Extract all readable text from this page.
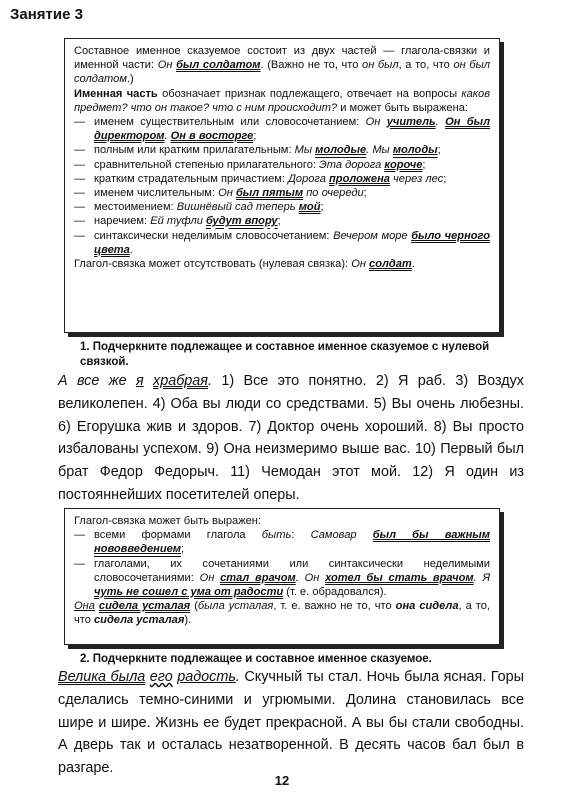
Занятие 3

Составное именное сказуемое состоит из двух частей — глагола-связки и именной части: Он был солдатом. (Важно не то, что он был, а то, что он был солдатом.)

Именная часть обозначает признак подлежащего, отвечает на вопросы каков предмет? что он такое? что с ним происходит? и может быть выражена:

— именем существительным или словосочетанием: Он учитель. Он был директором. Он в восторге;
— полным или кратким прилагательным: Мы молодые. Мы молоды;
— сравнительной степенью прилагательного: Эта дорога короче;
— кратким страдательным причастием: Дорога проложена через лес;
— именем числительным: Он был пятым по очереди;
— местоимением: Вишнёвый сад теперь мой;
— наречием: Ей туфли будут впору;
— синтаксически неделимым словосочетанием: Вечером море было черного цвета.

Глагол-связка может отсутствовать (нулевая связка): Он солдат.

1. Подчеркните подлежащее и составное именное сказуемое с нулевой связкой.

А все же я храбрая. 1) Все это понятно. 2) Я раб. 3) Воздух великолепен. 4) Оба вы люди со средствами. 5) Вы очень любезны. 6) Егорушка жив и здоров. 7) Доктор очень хороший. 8) Вы просто избалованы успехом. 9) Она неизмеримо выше вас. 10) Первый был брат Федор Федорыч. 11) Чемодан этот мой. 12) Я один из постояннейших посетителей оперы.

Глагол-связка может быть выражен:

— всеми формами глагола быть: Самовар был бы важным нововведением;
— глаголами, их сочетаниями или синтаксически неделимыми словосочетаниями: Он стал врачом. Он хотел бы стать врачом. Я чуть не сошел с ума от радости (т. е. обрадовался).

Она сидела усталая (была усталая, т. е. важно не то, что она сидела, а то, что сидела усталая).

2. Подчеркните подлежащее и составное именное сказуемое.

Велика была его радость. Скучный ты стал. Ночь была ясная. Горы сделались темно-синими и угрюмыми. Долина становилась все шире и шире. Жизнь ее будет прекрасной. А вы бы стали свободны. А дверь так и осталась незатворенной. В десять часов бал был в разгаре.

12
